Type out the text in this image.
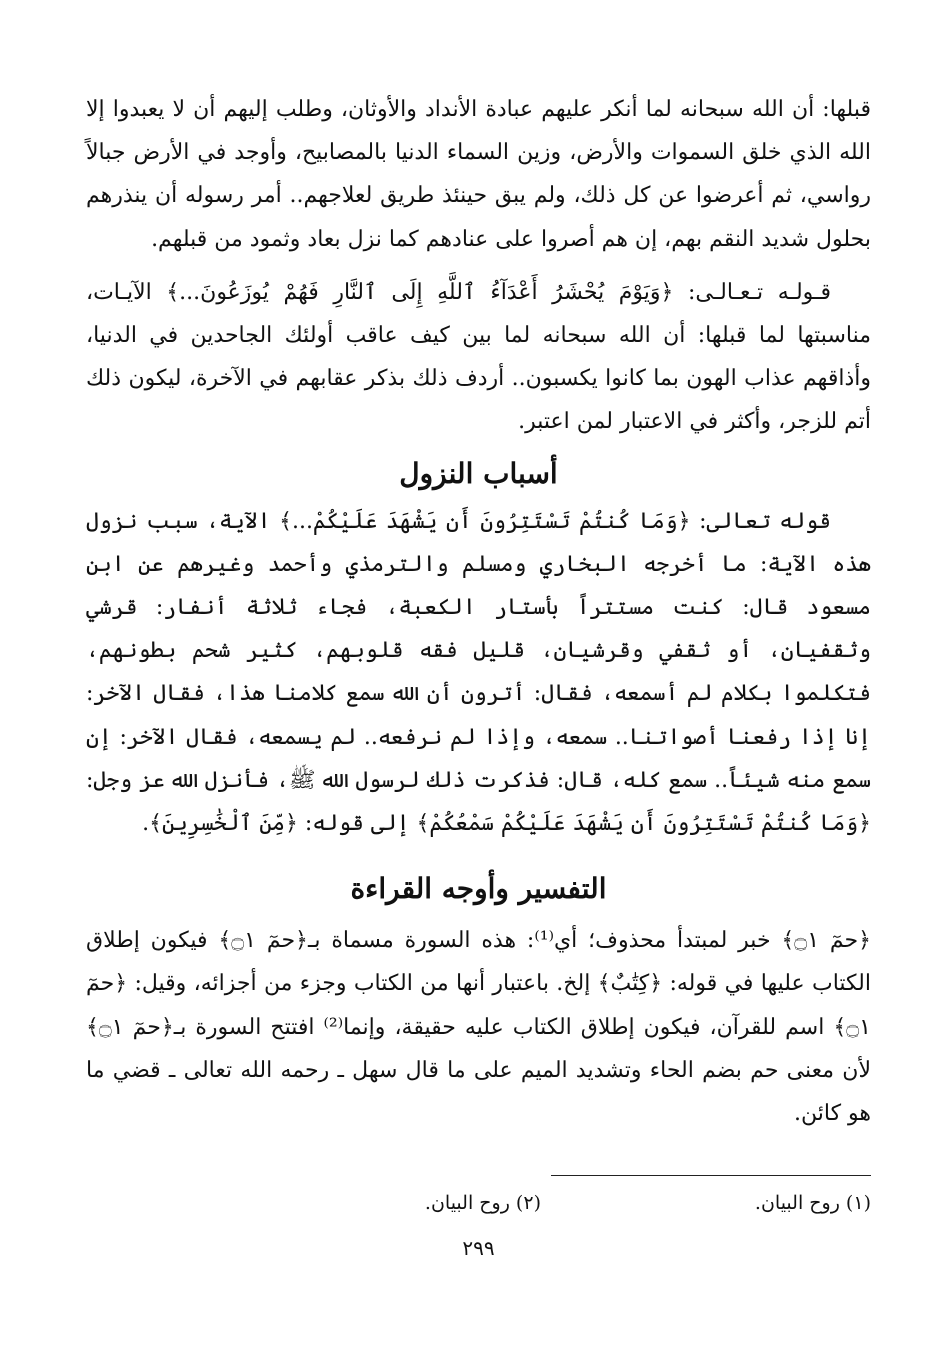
قبلها: أن الله سبحانه لما أنكر عليهم عبادة الأنداد والأوثان، وطلب إليهم أن لا يعبدوا إلا الله الذي خلق السموات والأرض، وزين السماء الدنيا بالمصابيح، وأوجد في الأرض جبالاً رواسي، ثم أعرضوا عن كل ذلك، ولم يبق حينئذ طريق لعلاجهم.. أمر رسوله أن ينذرهم بحلول شديد النقم بهم، إن هم أصروا على عنادهم كما نزل بعاد وثمود من قبلهم.

قـولـه تـعـالـى: ﴿وَيَوْمَ يُحْشَرُ أَعْدَآءُ ٱللَّهِ إِلَى ٱلنَّارِ فَهُمْ يُوزَعُونَ...﴾ الآيـات، مناسبتها لما قبلها: أن الله سبحانه لما بين كيف عاقب أولئك الجاحدين في الدنيا، وأذاقهم عذاب الهون بما كانوا يكسبون.. أردف ذلك بذكر عقابهم في الآخرة، ليكون ذلك أتم للزجر، وأكثر في الاعتبار لمن اعتبر.

أسباب النزول

قوله تعالى: ﴿وَمَا كُنتُمْ تَسْتَتِرُونَ أَن يَشْهَدَ عَلَيْكُمْ...﴾ الآية، سبب نزول هذه الآية: ما أخرجه البخاري ومسلم والترمذي وأحمد وغيرهم عن ابن مسعود قال: كنت مستتراً بأستار الكعبة، فجاء ثلاثة أنفار: قرشي وثقفيان، أو ثقفي وقرشيان، قليل فقه قلوبهم، كثير شحم بطونهم، فتكلموا بكلام لم أسمعه، فقال: أترون أن الله سمع كلامنا هذا، فقال الآخر: إنا إذا رفعنا أصواتنا.. سمعه، وإذا لم نرفعه.. لم يسمعه، فقال الآخر: إن سمع منه شيئاً.. سمع كله، قال: فذكرت ذلك لرسول الله ﷺ، فأنزل الله عز وجل: ﴿وَمَا كُنتُمْ تَسْتَتِرُونَ أَن يَشْهَدَ عَلَيْكُمْ سَمْعُكُمْ﴾ إلى قوله: ﴿مِّنَ ٱلْخَٰسِرِينَ﴾.

التفسير وأوجه القراءة

﴿حمٓ ۝١﴾ خبر لمبتدأ محذوف؛ أي⁽¹⁾: هذه السورة مسماة بـ﴿حمٓ ۝١﴾ فيكون إطلاق الكتاب عليها في قوله: ﴿كِتَٰبٌ﴾ إلخ. باعتبار أنها من الكتاب وجزء من أجزائه، وقيل: ﴿حمٓ ۝١﴾ اسم للقرآن، فيكون إطلاق الكتاب عليه حقيقة، وإنما⁽²⁾ افتتح السورة بـ﴿حمٓ ۝١﴾ لأن معنى حم بضم الحاء وتشديد الميم على ما قال سهل ـ رحمه الله تعالى ـ قضي ما هو كائن.

(١) روح البيان.
(٢) روح البيان.
٢٩٩
